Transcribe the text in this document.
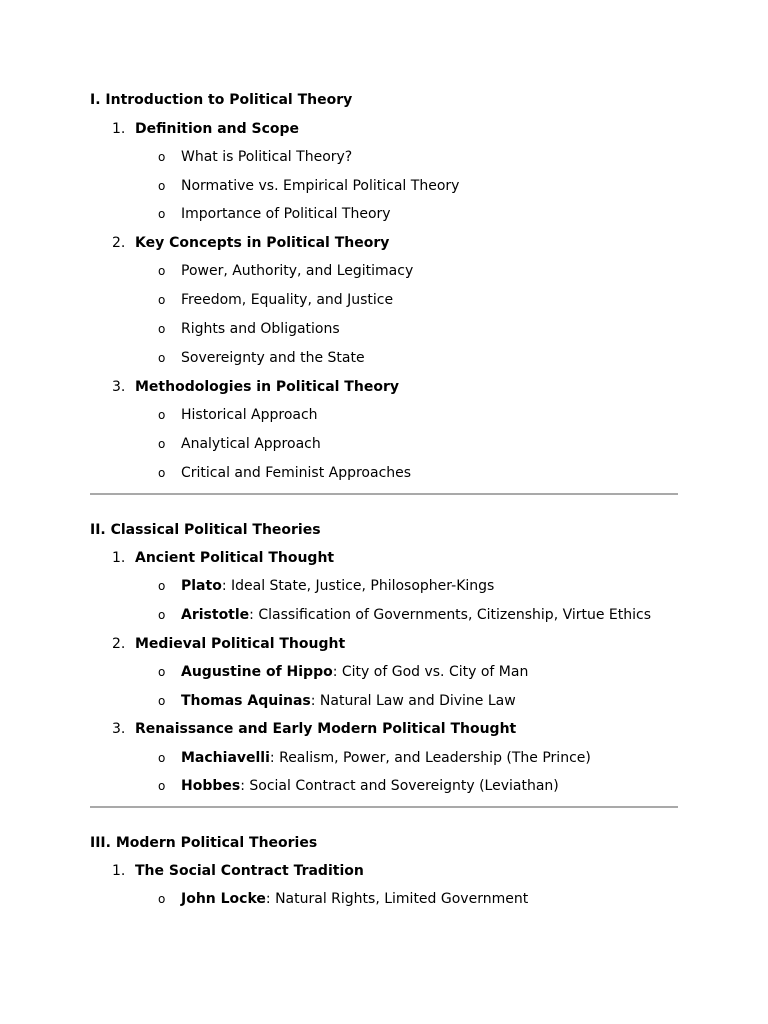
I. Introduction to Political Theory
1. Definition and Scope
o What is Political Theory?
o Normative vs. Empirical Political Theory
o Importance of Political Theory
2. Key Concepts in Political Theory
o Power, Authority, and Legitimacy
o Freedom, Equality, and Justice
o Rights and Obligations
o Sovereignty and the State
3. Methodologies in Political Theory
o Historical Approach
o Analytical Approach
o Critical and Feminist Approaches
II. Classical Political Theories
1. Ancient Political Thought
o Plato: Ideal State, Justice, Philosopher-Kings
o Aristotle: Classification of Governments, Citizenship, Virtue Ethics
2. Medieval Political Thought
o Augustine of Hippo: City of God vs. City of Man
o Thomas Aquinas: Natural Law and Divine Law
3. Renaissance and Early Modern Political Thought
o Machiavelli: Realism, Power, and Leadership (The Prince)
o Hobbes: Social Contract and Sovereignty (Leviathan)
III. Modern Political Theories
1. The Social Contract Tradition
o John Locke: Natural Rights, Limited Government
